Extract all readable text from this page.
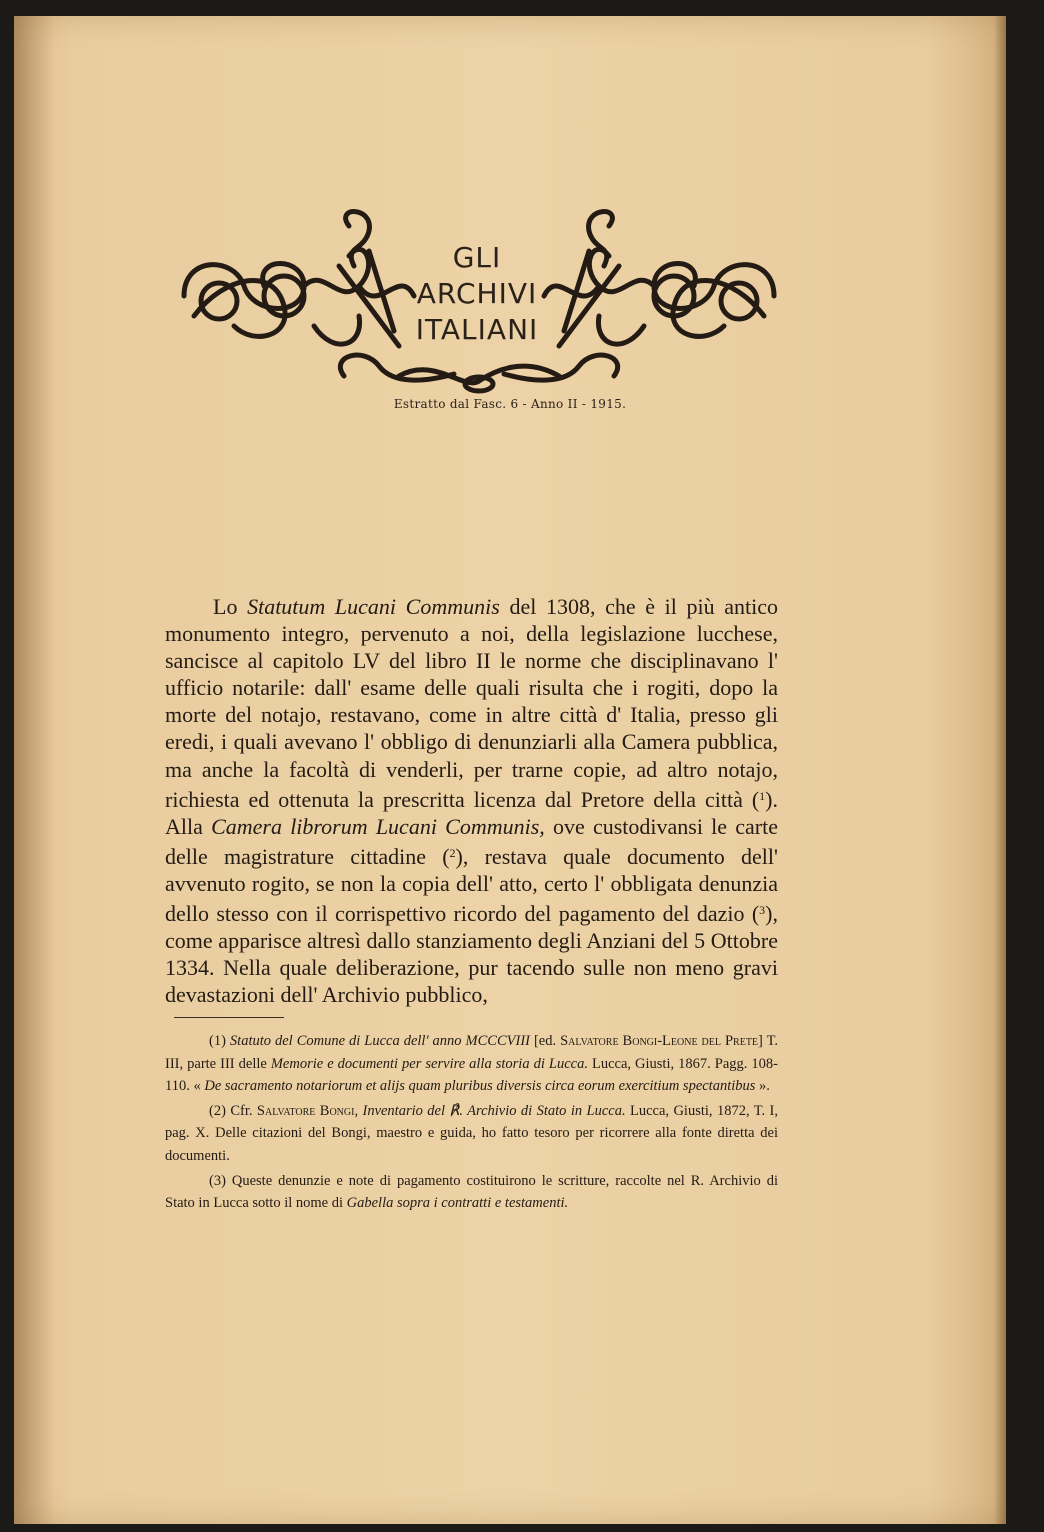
GLI
ARCHIVI
ITALIANI
Estratto dal Fasc. 6 - Anno II - 1915.

Lo Statutum Lucani Communis del 1308, che è il più antico monumento integro, pervenuto a noi, della legislazione lucchese, sancisce al capitolo LV del libro II le norme che disciplinavano l' ufficio notarile: dall' esame delle quali risulta che i rogiti, dopo la morte del notajo, restavano, come in altre città d' Italia, presso gli eredi, i quali avevano l' obbligo di denunziarli alla Camera pubblica, ma anche la facoltà di venderli, per trarne copie, ad altro notajo, richiesta ed ottenuta la prescritta licenza dal Pretore della città ($^1$). Alla Camera librorum Lucani Communis, ove custodivansi le carte delle magistrature cittadine ($^2$), restava quale documento dell' avvenuto rogito, se non la copia dell' atto, certo l' obbligata denunzia dello stesso con il corrispettivo ricordo del pagamento del dazio ($^3$), come apparisce altresì dallo stanziamento degli Anziani del 5 Ottobre 1334. Nella quale deliberazione, pur tacendo sulle non meno gravi devastazioni dell' Archivio pubblico,

(1) Statuto del Comune di Lucca dell' anno MCCCVIII [ed. Salvatore Bongi-Leone del Prete] T. III, parte III delle Memorie e documenti per servire alla storia di Lucca. Lucca, Giusti, 1867. Pagg. 108-110. « De sacramento notariorum et alijs quam pluribus diversis circa eorum exercitium spectantibus ».

(2) Cfr. Salvatore Bongi, Inventario del ℟. Archivio di Stato in Lucca. Lucca, Giusti, 1872, T. I, pag. X. Delle citazioni del Bongi, maestro e guida, ho fatto tesoro per ricorrere alla fonte diretta dei documenti.

(3) Queste denunzie e note di pagamento costituirono le scritture, raccolte nel R. Archivio di Stato in Lucca sotto il nome di Gabella sopra i contratti e testamenti.
